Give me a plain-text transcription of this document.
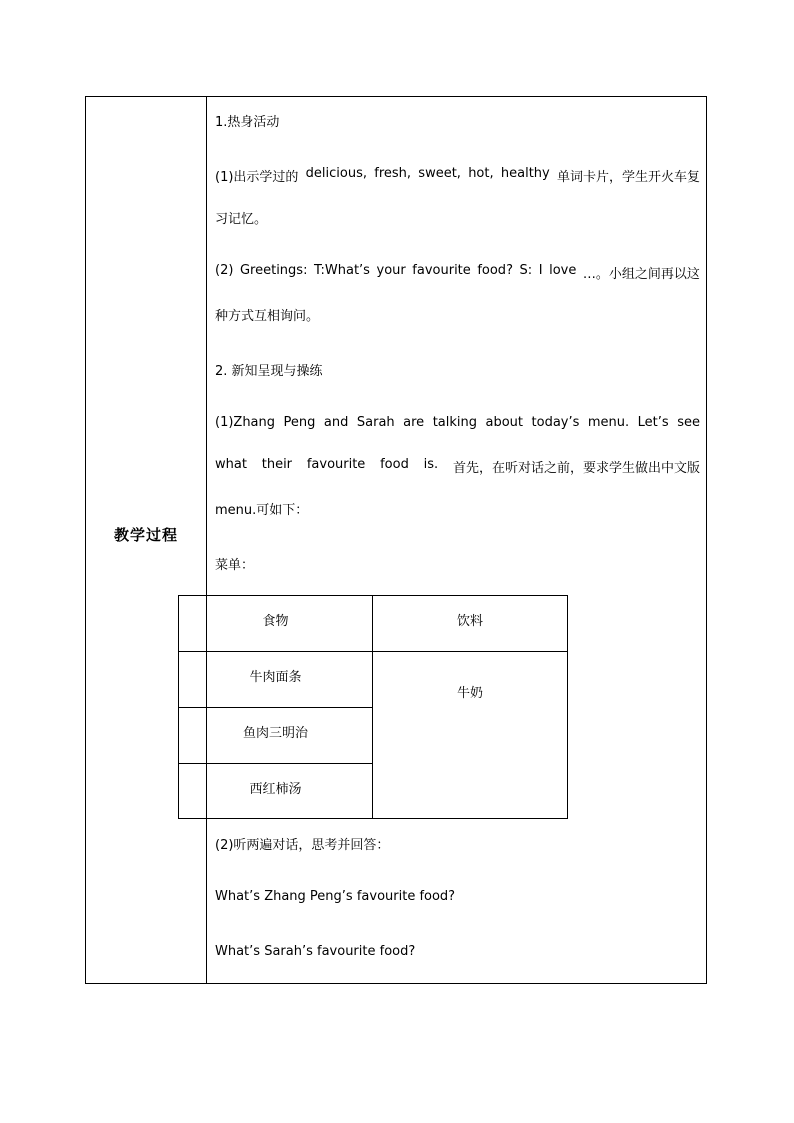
教学过程
1.热身活动
(1)出示学过的 delicious, fresh, sweet, hot, healthy 单词卡片，学生开火车复
习记忆。
(2) Greetings: T:What’s your favourite food? S: I love …。小组之间再以这
种方式互相询问。
2. 新知呈现与操练
(1)Zhang Peng and Sarah are talking about today’s menu. Let’s see
what their favourite food is. 首先，在听对话之前，要求学生做出中文版
menu.可如下：
菜单：
(2)听两遍对话，思考并回答：
What’s Zhang Peng’s favourite food?
What’s Sarah’s favourite food?
食物	饮料
牛肉面条
鱼肉三明治
西红柿汤
牛奶
